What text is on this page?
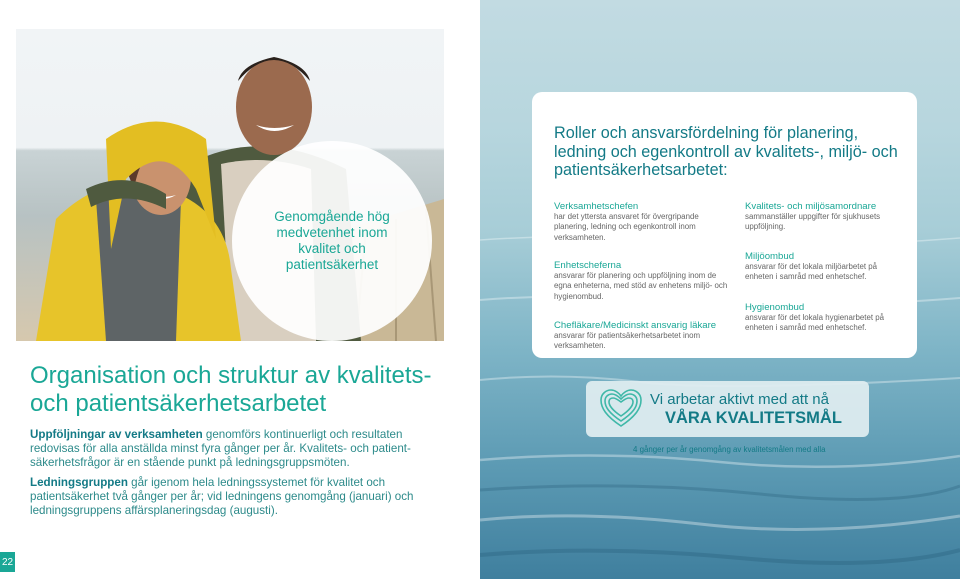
Genomgående hög medvetenhet inom kvalitet och patientsäkerhet
Organisation och struktur av kvalitets- och patientsäkerhetsarbetet

Uppföljningar av verksamheten genomförs kontinuerligt och resultaten redovisas för alla anställda minst fyra gånger per år. Kvalitets- och patient-säkerhetsfrågor är en stående punkt på ledningsgruppsmöten.

Ledningsgruppen går igenom hela ledningssystemet för kvalitet och patientsäkerhet två gånger per år; vid ledningens genomgång (januari) och ledningsgruppens affärsplaneringsdag (augusti).

22
Roller och ansvarsfördelning för planering, ledning och egenkontroll av kvalitets-, miljö- och patientsäkerhetsarbetet:
Verksamhetschefen
har det yttersta ansvaret för övergripande planering, ledning och egenkontroll inom verksamheten.
Enhetscheferna
ansvarar för planering och uppföljning inom de egna enheterna, med stöd av enhetens miljö- och hygienombud.
Chefläkare/Medicinskt ansvarig läkare
ansvarar för patientsäkerhetsarbetet inom verksamheten.
Kvalitets- och miljösamordnare
sammanställer uppgifter för sjukhusets uppföljning.
Miljöombud
ansvarar för det lokala miljöarbetet på enheten i samråd med enhetschef.
Hygienombud
ansvarar för det lokala hygienarbetet på enheten i samråd med enhetschef.
Vi arbetar aktivt med att nå
VÅRA KVALITETSMÅL
4 gånger per år genomgång av kvalitetsmålen med alla
